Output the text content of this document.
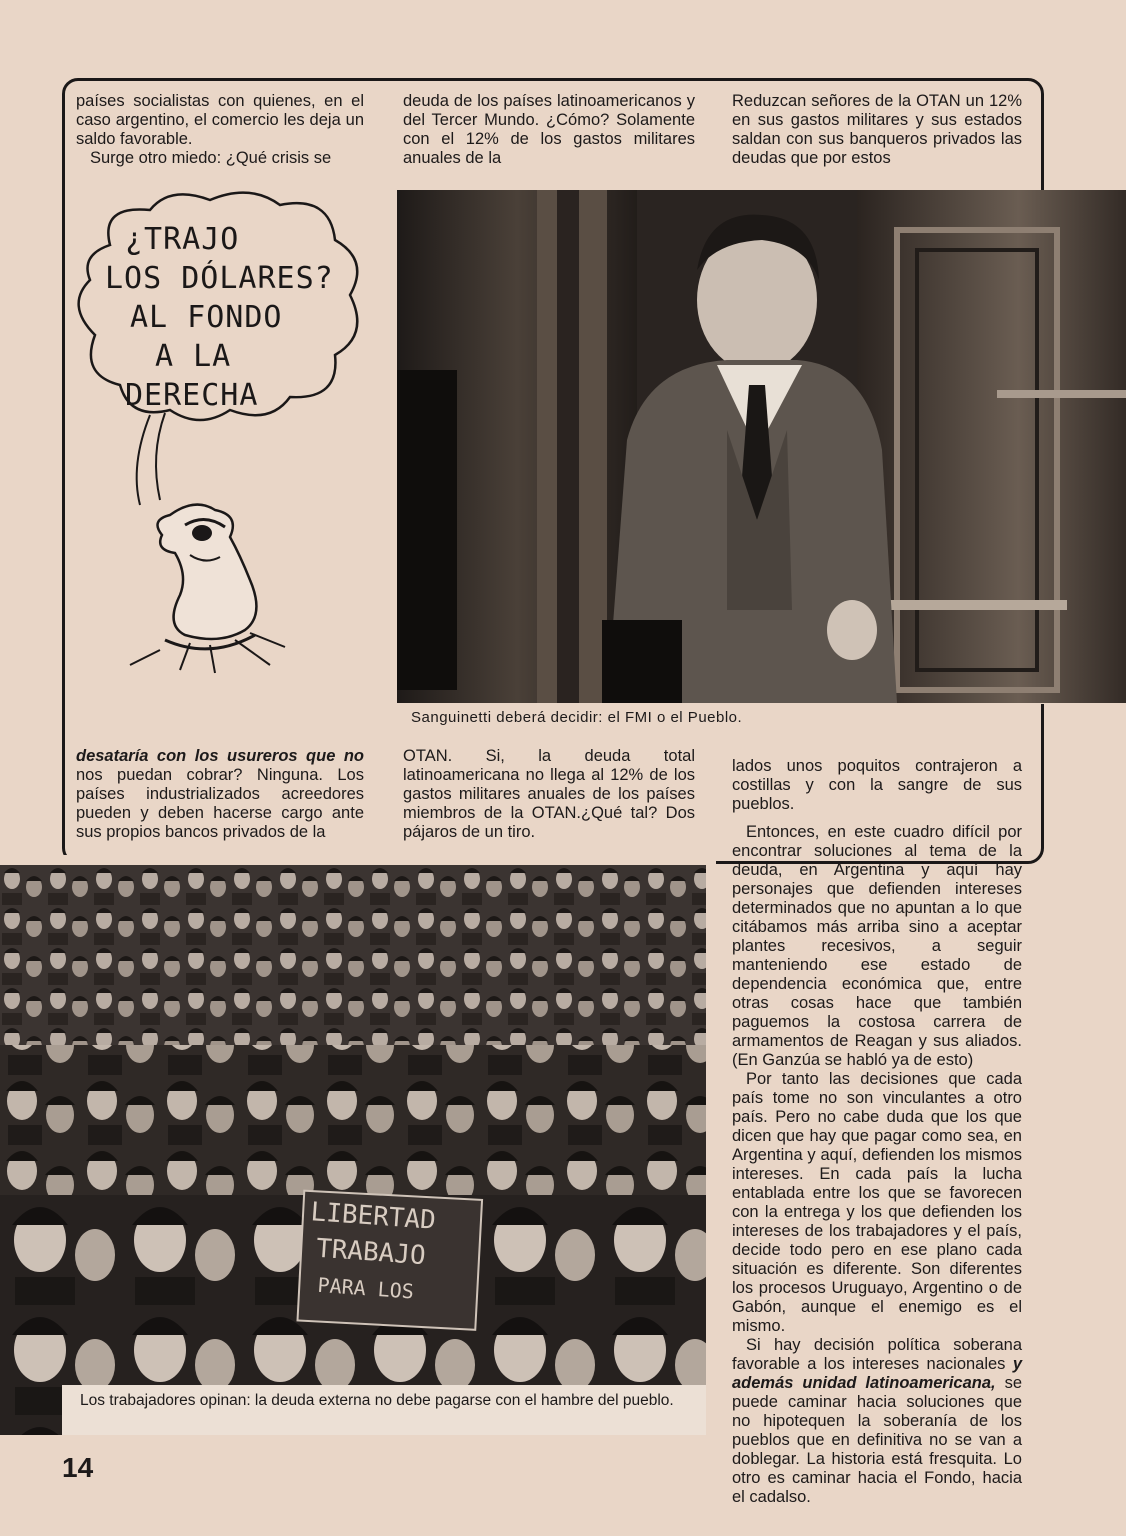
países socialistas con quienes, en el caso argentino, el comercio les deja un saldo favorable.

Surge otro miedo: ¿Qué crisis se

deuda de los países latinoamericanos y del Tercer Mundo. ¿Cómo? Solamente con el 12% de los gastos militares anuales de la

Reduzcan señores de la OTAN un 12% en sus gastos militares y sus estados saldan con sus banqueros privados las deudas que por estos

¿TRAJO
LOS DÓLARES?
AL FONDO
A LA
DERECHA
Sanguinetti deberá decidir: el FMI o el Pueblo.

desataría con los usureros que no nos puedan cobrar? Ninguna. Los países industrializados acreedores pueden y deben hacerse cargo ante sus propios bancos privados de la

OTAN. Si, la deuda total latinoamericana no llega al 12% de los gastos militares anuales de los países miembros de la OTAN.¿Qué tal? Dos pájaros de un tiro.

lados unos poquitos contrajeron a costillas y con la sangre de sus pueblos.

Entonces, en este cuadro difícil por encontrar soluciones al tema de la deuda, en Argentina y aquí hay personajes que defienden intereses determinados que no apuntan a lo que citábamos más arriba sino a aceptar plantes recesivos, a seguir manteniendo ese estado de dependencia económica que, entre otras cosas hace que también paguemos la costosa carrera de armamentos de Reagan y sus aliados. (En Ganzúa se habló ya de esto)

Por tanto las decisiones que cada país tome no son vinculantes a otro país. Pero no cabe duda que los que dicen que hay que pagar como sea, en Argentina y aquí, defienden los mismos intereses. En cada país la lucha entablada entre los que se favorecen con la entrega y los que defienden los intereses de los trabajadores y el país, decide todo pero en ese plano cada situación es diferente. Son diferentes los procesos Uruguayo, Argentino o de Gabón, aunque el enemigo es el mismo.

Si hay decisión política soberana favorable a los intereses nacionales y además unidad latinoamericana, se puede caminar hacia soluciones que no hipotequen la soberanía de los pueblos que en definitiva no se van a doblegar. La historia está fresquita. Lo otro es caminar hacia el Fondo, hacia el cadalso.

LIBERTAD
TRABAJO
PARA LOS
Los trabajadores opinan: la deuda externa no debe pagarse con el hambre del pueblo.
14
